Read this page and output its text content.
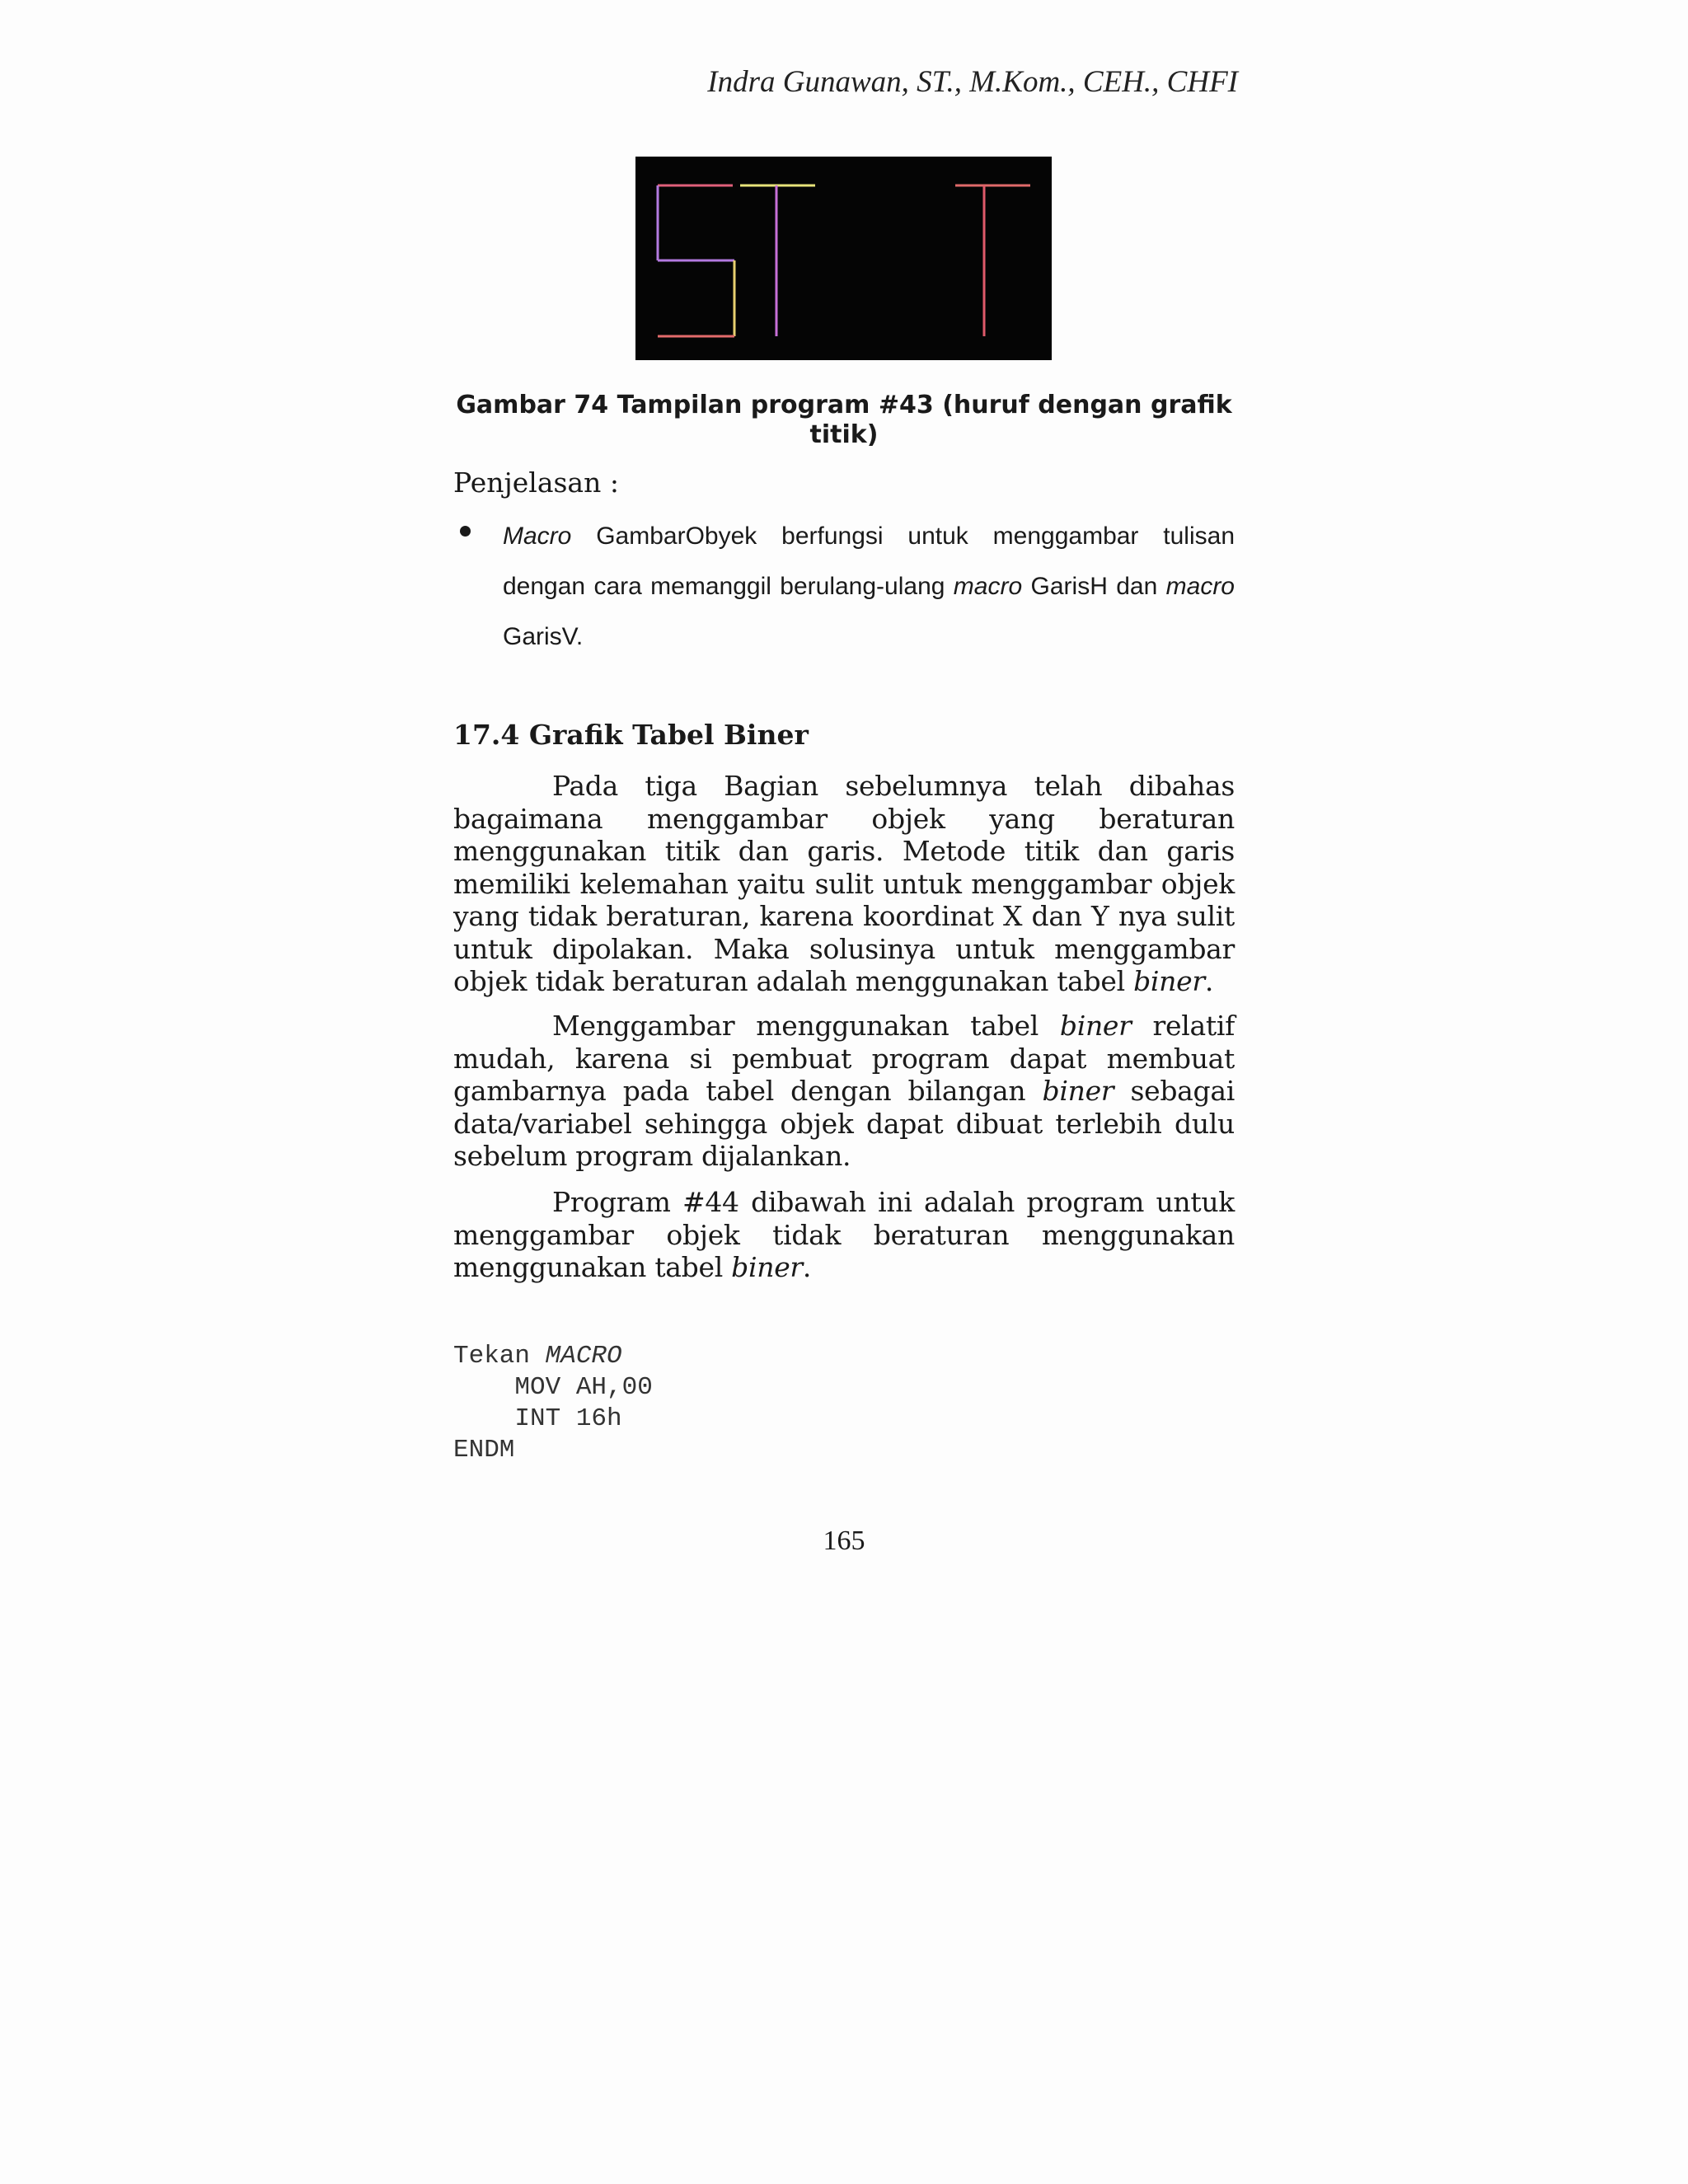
Indra Gunawan, ST., M.Kom., CEH., CHFI
Gambar 74 Tampilan program #43 (huruf dengan grafik
titik)
Penjelasan :
Macro GambarObyek berfungsi untuk menggambar tulisan dengan cara memanggil berulang-ulang macro GarisH dan macro GarisV.
17.4 Grafik Tabel Biner

Pada tiga Bagian sebelumnya telah dibahas bagaimana menggambar objek yang beraturan menggunakan titik dan garis. Metode titik dan garis memiliki kelemahan yaitu sulit untuk menggambar objek yang tidak beraturan, karena koordinat X dan Y nya sulit untuk dipolakan. Maka solusinya untuk menggambar objek tidak beraturan adalah menggunakan tabel biner.

Menggambar menggunakan tabel biner relatif mudah, karena si pembuat program dapat membuat gambarnya pada tabel dengan bilangan biner sebagai data/variabel sehingga objek dapat dibuat terlebih dulu sebelum program dijalankan.

Program #44 dibawah ini adalah program untuk menggambar objek tidak beraturan menggunakan menggunakan tabel biner.

Tekan MACRO
MOV AH,00
INT 16h
ENDM
165
